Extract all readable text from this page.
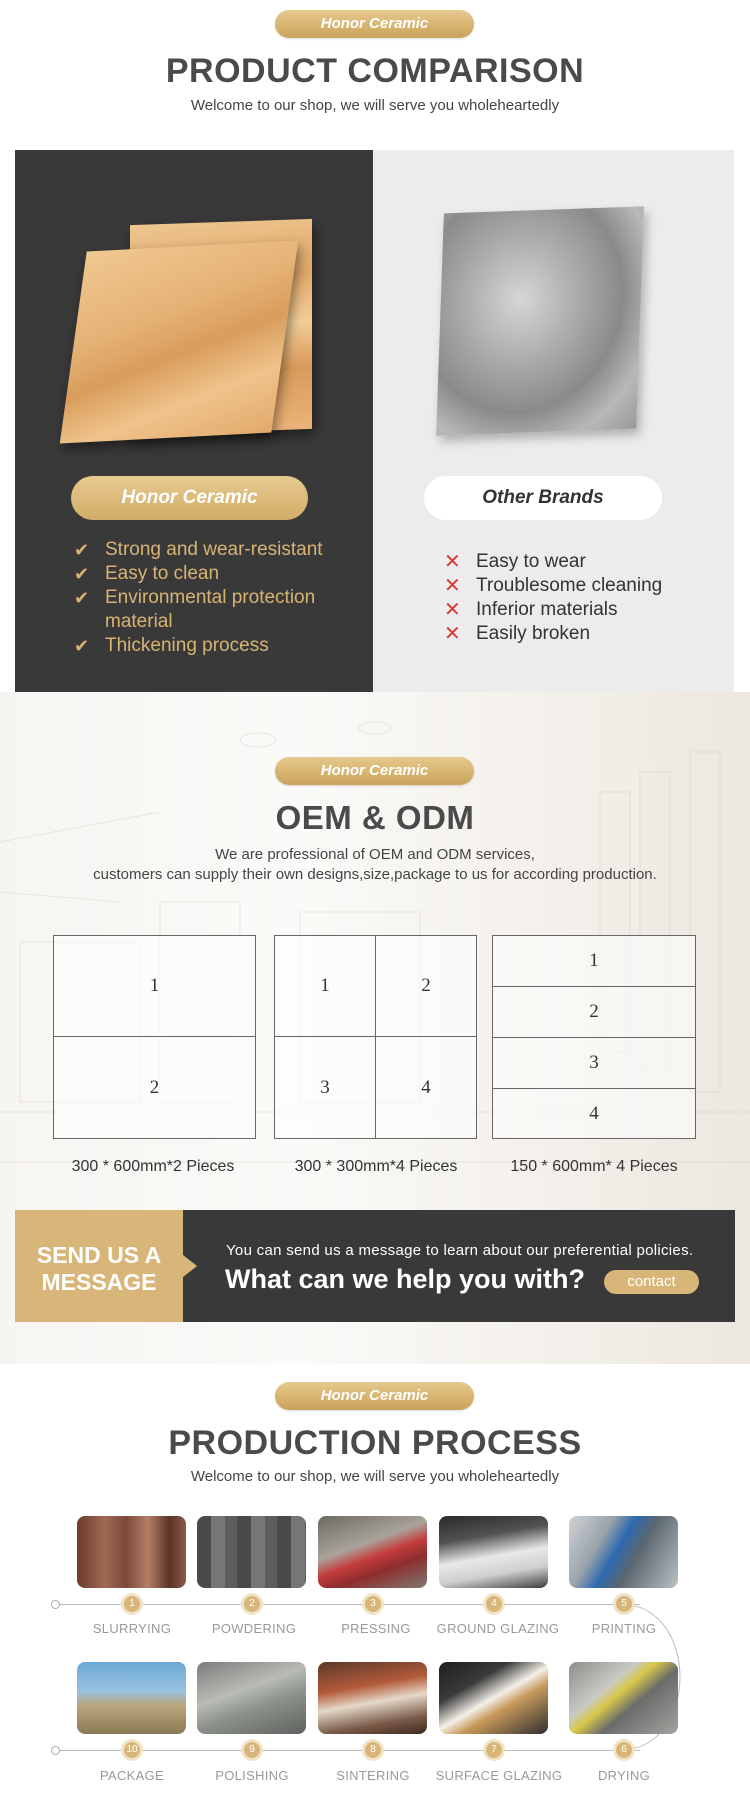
Honor Ceramic
PRODUCT COMPARISON
Welcome to our shop, we will serve you wholeheartedly
Honor Ceramic	Other Brands
✔ Strong and wear-resistant
✔ Easy to clean
✔ Environmental protection material
✔ Thickening process
✕ Easy to wear
✕ Troublesome cleaning
✕ Inferior materials
✕ Easily broken
Honor Ceramic
OEM & ODM
We are professional of OEM and ODM services,
customers can supply their own designs,size,package to us for according production.
1
2
300 * 600mm*2 Pieces
1	2
3	4
300 * 300mm*4 Pieces
1
2
3
4
150 * 600mm* 4 Pieces
SEND US A
MESSAGE
You can send us a message to learn about our preferential policies.
What can we help you with?	contact
Honor Ceramic
PRODUCTION PROCESS
Welcome to our shop, we will serve you wholeheartedly
1	2	3	4	5
SLURRYING	POWDERING	PRESSING	GROUND GLAZING	PRINTING
10	9	8	7	6
PACKAGE	POLISHING	SINTERING	SURFACE GLAZING	DRYING
